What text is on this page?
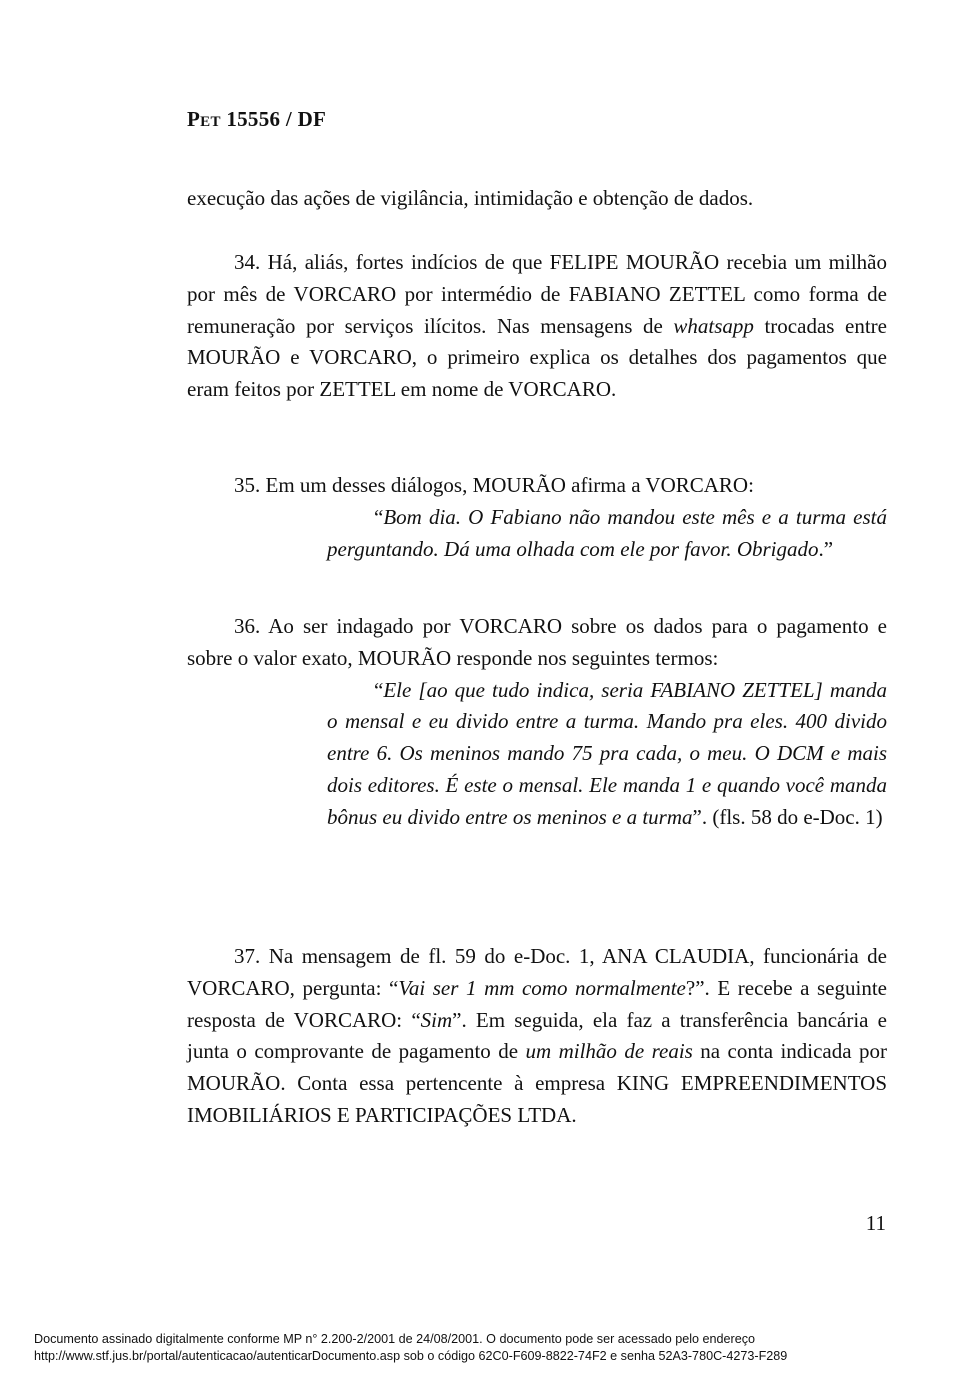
PET 15556 / DF

execução das ações de vigilância, intimidação e obtenção de dados.

34. Há, aliás, fortes indícios de que FELIPE MOURÃO recebia um milhão por mês de VORCARO por intermédio de FABIANO ZETTEL como forma de remuneração por serviços ilícitos. Nas mensagens de whatsapp trocadas entre MOURÃO e VORCARO, o primeiro explica os detalhes dos pagamentos que eram feitos por ZETTEL em nome de VORCARO.

35. Em um desses diálogos, MOURÃO afirma a VORCARO:

“Bom dia. O Fabiano não mandou este mês e a turma está perguntando. Dá uma olhada com ele por favor. Obrigado.”

36. Ao ser indagado por VORCARO sobre os dados para o pagamento e sobre o valor exato, MOURÃO responde nos seguintes termos:

“Ele [ao que tudo indica, seria FABIANO ZETTEL] manda o mensal e eu divido entre a turma. Mando pra eles. 400 divido entre 6. Os meninos mando 75 pra cada, o meu. O DCM e mais dois editores. É este o mensal. Ele manda 1 e quando você manda bônus eu divido entre os meninos e a turma”. (fls. 58 do e-Doc. 1)

37. Na mensagem de fl. 59 do e-Doc. 1, ANA CLAUDIA, funcionária de VORCARO, pergunta: “Vai ser 1 mm como normalmente?”. E recebe a seguinte resposta de VORCARO: “Sim”. Em seguida, ela faz a transferência bancária e junta o comprovante de pagamento de um milhão de reais na conta indicada por MOURÃO. Conta essa pertencente à empresa KING EMPREENDIMENTOS IMOBILIÁRIOS E PARTICIPAÇÕES LTDA.

11
Documento assinado digitalmente conforme MP n° 2.200-2/2001 de 24/08/2001. O documento pode ser acessado pelo endereço
http://www.stf.jus.br/portal/autenticacao/autenticarDocumento.asp sob o código 62C0-F609-8822-74F2 e senha 52A3-780C-4273-F289
